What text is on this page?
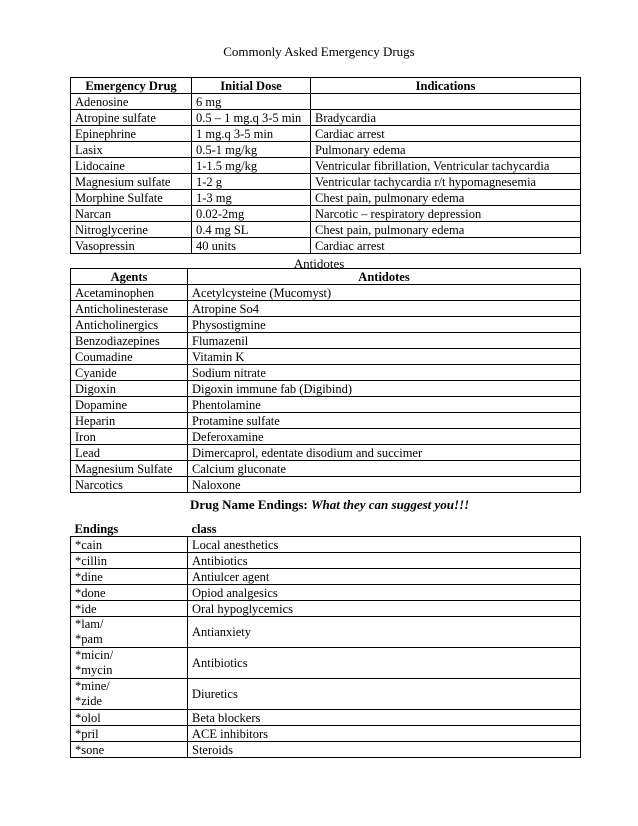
Commonly Asked Emergency Drugs
Emergency Drug	Initial Dose	Indications
Adenosine	6 mg	
Atropine sulfate	0.5 – 1 mg.q 3-5 min	Bradycardia
Epinephrine	1 mg.q 3-5 min	Cardiac arrest
Lasix	0.5-1 mg/kg	Pulmonary edema
Lidocaine	1-1.5 mg/kg	Ventricular fibrillation, Ventricular tachycardia
Magnesium sulfate	1-2 g	Ventricular tachycardia r/t hypomagnesemia
Morphine Sulfate	1-3 mg	Chest pain, pulmonary edema
Narcan	0.02-2mg	Narcotic – respiratory depression
Nitroglycerine	0.4 mg SL	Chest pain, pulmonary edema
Vasopressin	40 units	Cardiac arrest
Antidotes
Agents	Antidotes
Acetaminophen	Acetylcysteine (Mucomyst)
Anticholinesterase	Atropine So4
Anticholinergics	Physostigmine
Benzodiazepines	Flumazenil
Coumadine	Vitamin K
Cyanide	Sodium nitrate
Digoxin	Digoxin immune fab (Digibind)
Dopamine	Phentolamine
Heparin	Protamine sulfate
Iron	Deferoxamine
Lead	Dimercaprol, edentate disodium and succimer
Magnesium Sulfate	Calcium gluconate
Narcotics	Naloxone
Drug Name Endings: What they can suggest you!!!
Endings	class

*cain	Local anesthetics

*cillin	Antibiotics

*dine	Antiulcer agent

*done	Opiod analgesics

*ide	Oral hypoglycemics

*lam/
*pam	Antianxiety

*micin/
*mycin	Antibiotics

*mine/
*zide	Diuretics

*olol	Beta blockers

*pril	ACE inhibitors

*sone	Steroids
